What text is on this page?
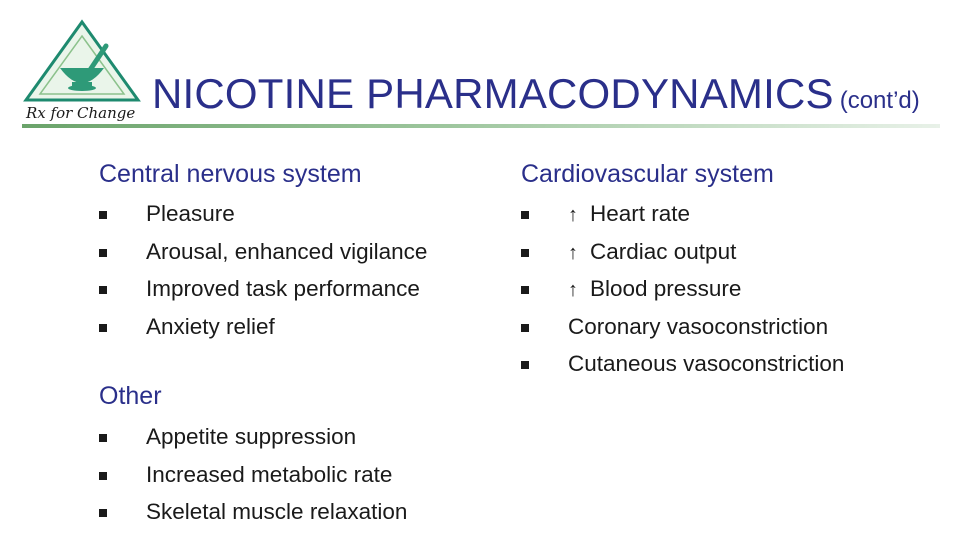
Rx for Change NICOTINE PHARMACODYNAMICS (cont’d)
Central nervous system
Pleasure
Arousal, enhanced vigilance
Improved task performance
Anxiety relief
Other
Appetite suppression
Increased metabolic rate
Skeletal muscle relaxation
Cardiovascular system
↑ Heart rate
↑ Cardiac output
↑ Blood pressure
Coronary vasoconstriction
Cutaneous vasoconstriction
